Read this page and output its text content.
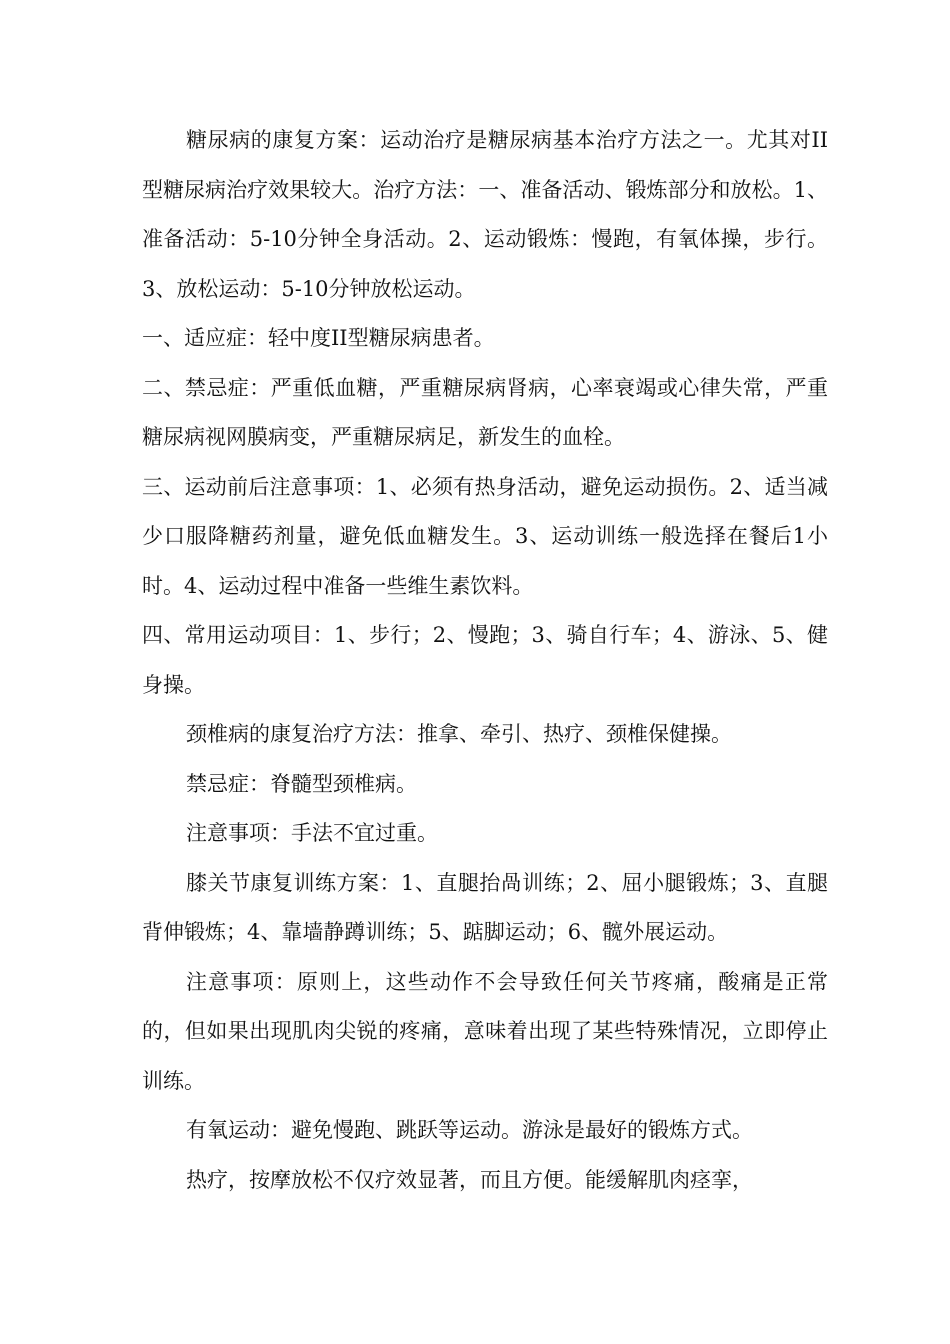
糖尿病的康复方案：运动治疗是糖尿病基本治疗方法之一。尤其对II型糖尿病治疗效果较大。治疗方法：一、准备活动、锻炼部分和放松。1、准备活动：5-10分钟全身活动。2、运动锻炼：慢跑，有氧体操，步行。3、放松运动：5-10分钟放松运动。

一、适应症：轻中度II型糖尿病患者。

二、禁忌症：严重低血糖，严重糖尿病肾病，心率衰竭或心律失常，严重糖尿病视网膜病变，严重糖尿病足，新发生的血栓。

三、运动前后注意事项：1、必须有热身活动，避免运动损伤。2、适当减少口服降糖药剂量，避免低血糖发生。3、运动训练一般选择在餐后1小时。4、运动过程中准备一些维生素饮料。

四、常用运动项目：1、步行；2、慢跑；3、骑自行车；4、游泳、5、健身操。

颈椎病的康复治疗方法：推拿、牵引、热疗、颈椎保健操。

禁忌症：脊髓型颈椎病。

注意事项：手法不宜过重。

膝关节康复训练方案：1、直腿抬咼训练；2、屈小腿锻炼；3、直腿背伸锻炼；4、靠墙静蹲训练；5、踮脚运动；6、髋外展运动。

注意事项：原则上，这些动作不会导致任何关节疼痛，酸痛是正常的，但如果出现肌肉尖锐的疼痛，意味着出现了某些特殊情况，立即停止训练。

有氧运动：避免慢跑、跳跃等运动。游泳是最好的锻炼方式。

热疗，按摩放松不仅疗效显著，而且方便。能缓解肌肉痉挛，
